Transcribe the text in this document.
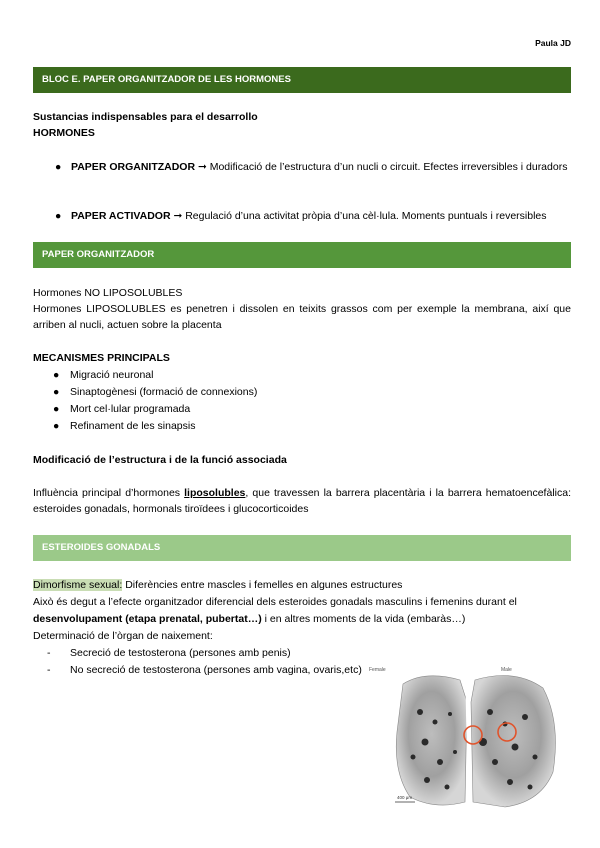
Paula JD
BLOC E. PAPER ORGANITZADOR DE LES HORMONES
Sustancias indispensables para el desarrollo
HORMONES
● PAPER ORGANITZADOR ➞ Modificació de l’estructura d’un nucli o circuit. Efectes irreversibles i duradors
● PAPER ACTIVADOR ➞ Regulació d’una activitat pròpia d’una cèl·lula. Moments puntuals i reversibles
PAPER ORGANITZADOR
Hormones NO LIPOSOLUBLES
Hormones LIPOSOLUBLES es penetren i dissolen en teixits grassos com per exemple la membrana, així que arriben al nucli, actuen sobre la placenta
MECANISMES PRINCIPALS
● Migració neuronal
● Sinaptogènesi (formació de connexions)
● Mort cel·lular programada
● Refinament de les sinapsis
Modificació de l’estructura i de la funció associada
Influència principal d’hormones liposolubles, que travessen la barrera placentària i la barrera hematoencefàlica: esteroides gonadals, hormonals tiroïdees i glucocorticoides
ESTEROIDES GONADALS
Dimorfisme sexual: Diferències entre mascles i femelles en algunes estructures
Això és degut a l’efecte organitzador diferencial dels esteroides gonadals masculins i femenins durant el
desenvolupament (etapa prenatal, pubertat…) i en altres moments de la vida (embaràs…)
Determinació de l’òrgan de naixement:
- Secreció de testosterona (persones amb penis)
- No secreció de testosterona (persones amb vagina, ovaris,etc) Female	Male
400 μm
